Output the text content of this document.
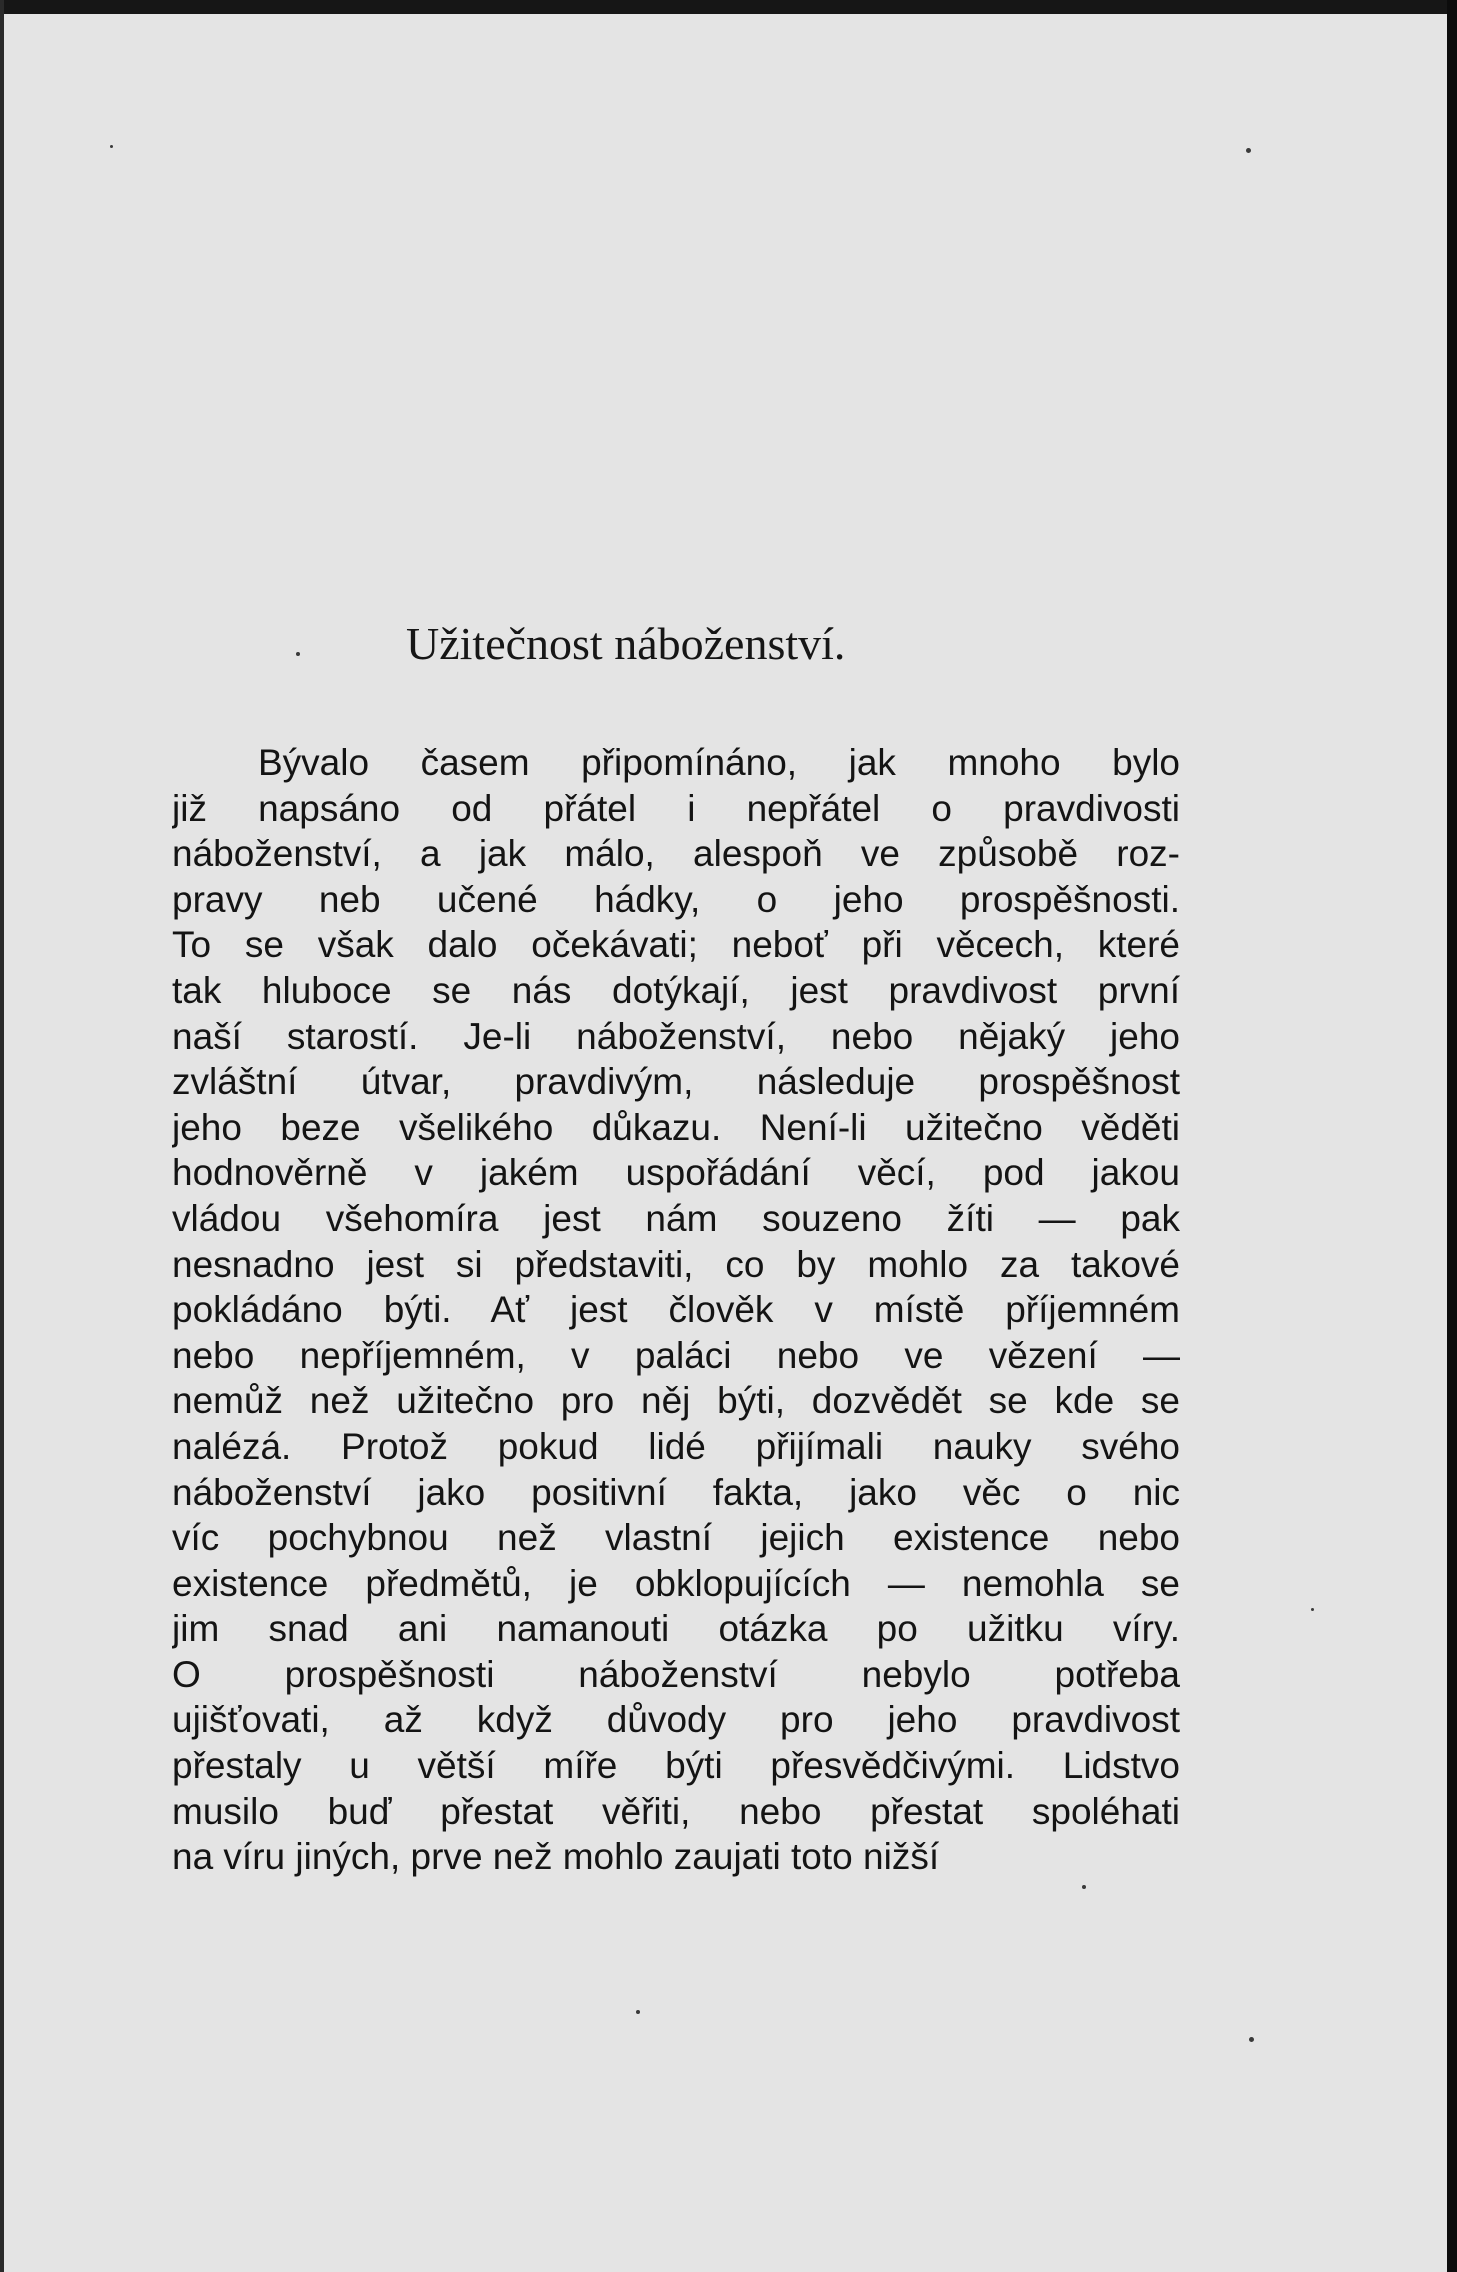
Užitečnost náboženství.
Bývalo časem připomínáno, jak mnoho bylo
již napsáno od přátel i nepřátel o pravdivosti
náboženství, a jak málo, alespoň ve způsobě roz-
pravy neb učené hádky, o jeho prospěšnosti.
To se však dalo očekávati; neboť při věcech, které
tak hluboce se nás dotýkají, jest pravdivost první
naší starostí. Je-li náboženství, nebo nějaký jeho
zvláštní útvar, pravdivým, následuje prospěšnost
jeho beze všelikého důkazu. Není-li užitečno věděti
hodnověrně v jakém uspořádání věcí, pod jakou
vládou všehomíra jest nám souzeno žíti — pak
nesnadno jest si představiti, co by mohlo za takové
pokládáno býti. Ať jest člověk v místě příjemném
nebo nepříjemném, v paláci nebo ve vězení —
nemůž než užitečno pro něj býti, dozvědět se kde se
nalézá. Protož pokud lidé přijímali nauky svého
náboženství jako positivní fakta, jako věc o nic
víc pochybnou než vlastní jejich existence nebo
existence předmětů, je obklopujících — nemohla se
jim snad ani namanouti otázka po užitku víry.
O prospěšnosti náboženství nebylo potřeba
ujišťovati, až když důvody pro jeho pravdivost
přestaly u větší míře býti přesvědčivými. Lidstvo
musilo buď přestat věřiti, nebo přestat spoléhati
na víru jiných, prve než mohlo zaujati toto nižší
